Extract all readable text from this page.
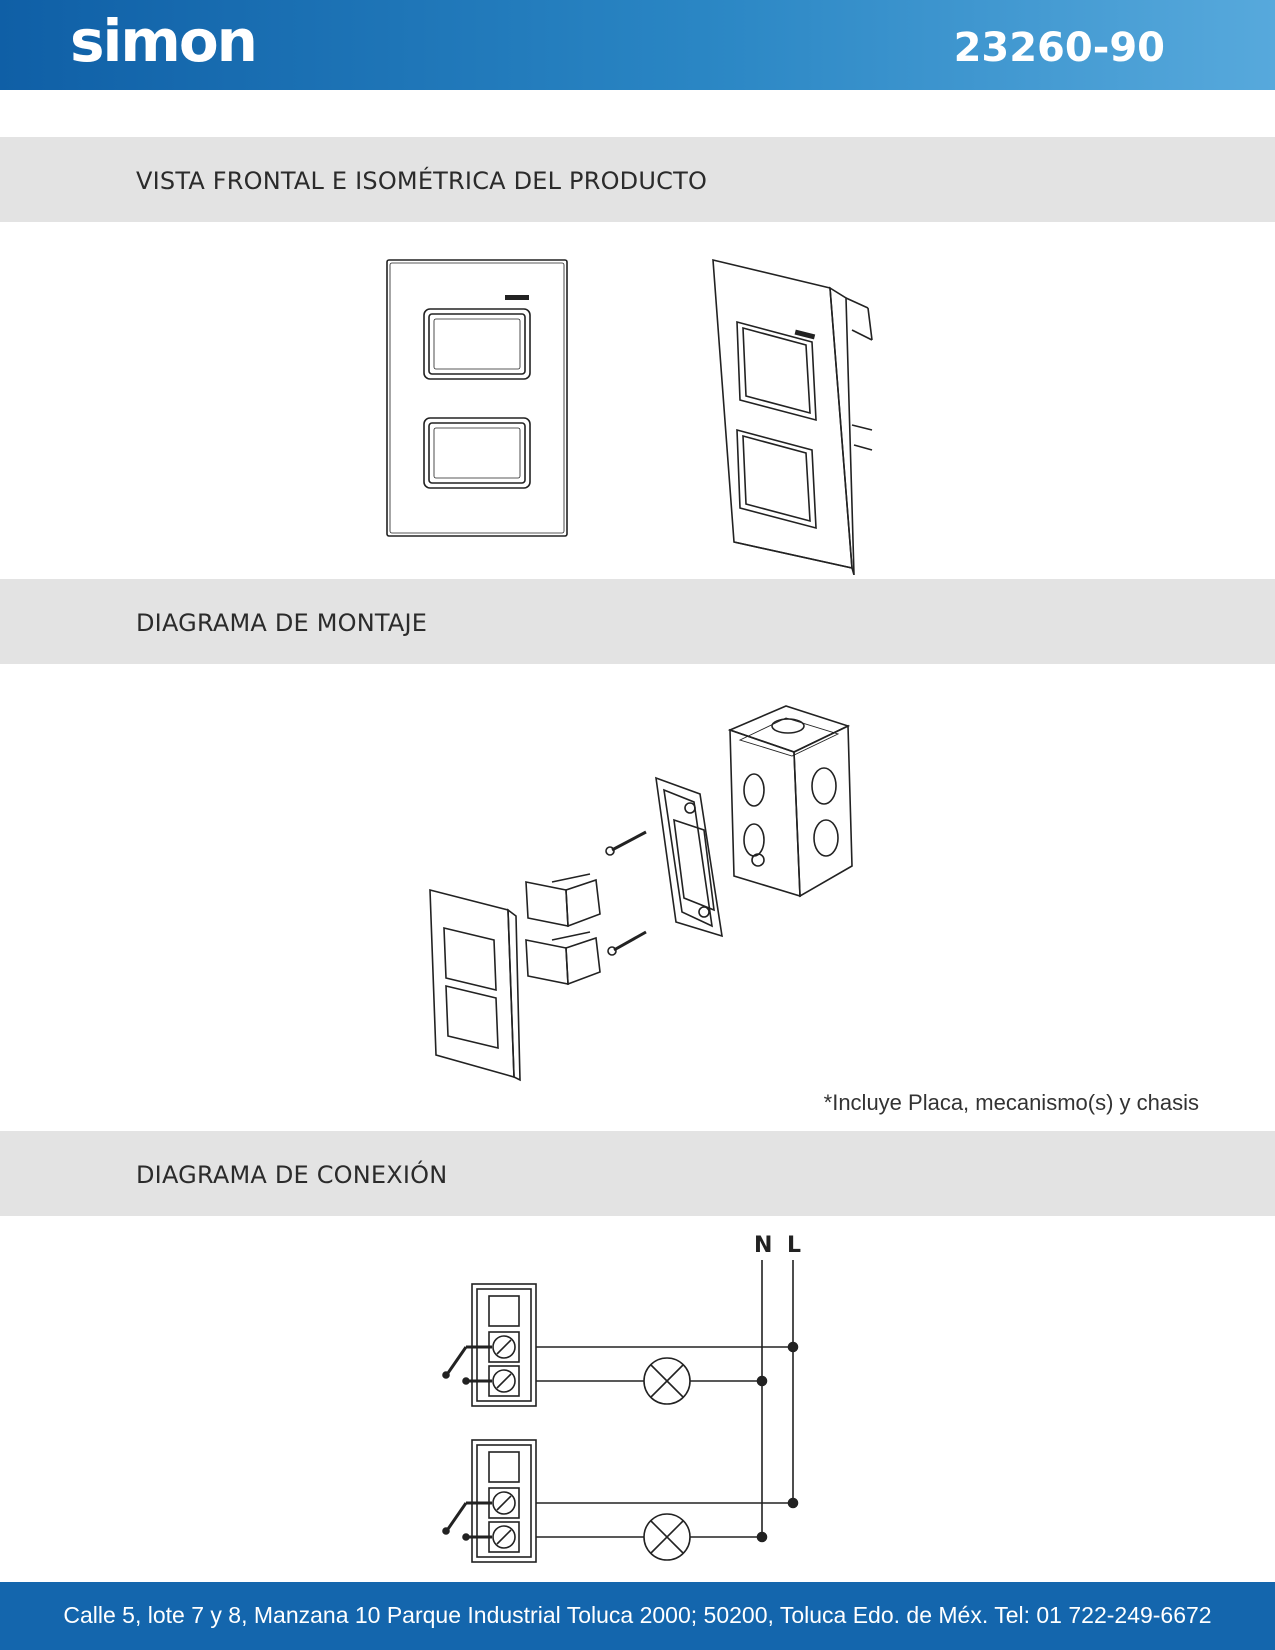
simon	23260-90
VISTA FRONTAL E ISOMÉTRICA DEL PRODUCTO
DIAGRAMA DE MONTAJE
*Incluye Placa, mecanismo(s) y chasis
DIAGRAMA DE CONEXIÓN
N L
Calle 5, lote 7 y 8, Manzana 10 Parque Industrial Toluca 2000; 50200, Toluca Edo. de Méx. Tel: 01 722-249-6672
